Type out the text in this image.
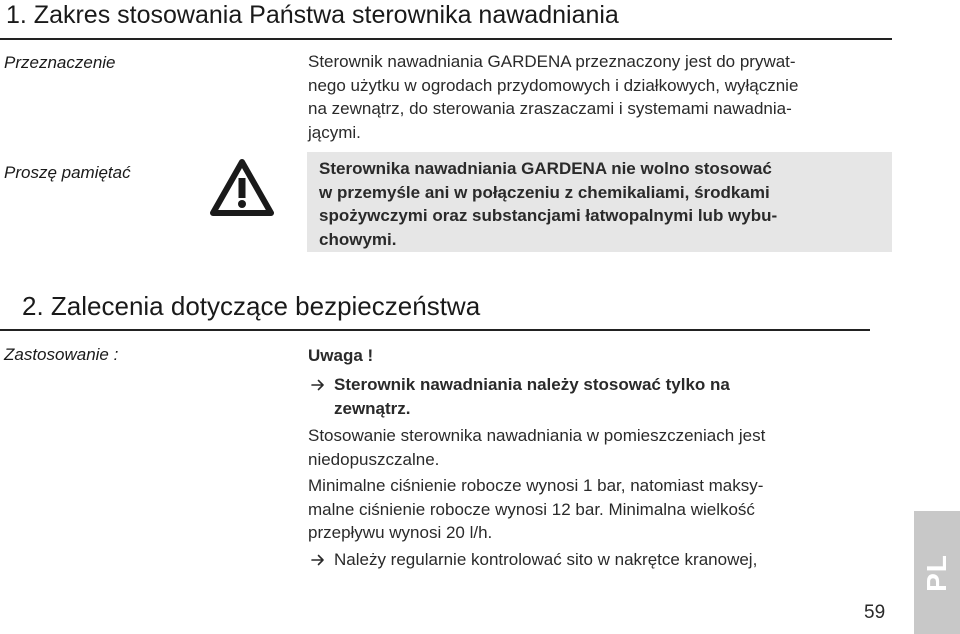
1. Zakres stosowania Państwa sterownika nawadniania
Przeznaczenie	Sterownik nawadniania GARDENA przeznaczony jest do prywat-
nego użytku w ogrodach przydomowych i działkowych, wyłącznie
na zewnątrz, do sterowania zraszaczami i systemami nawadnia-
jącymi.
Proszę pamiętać	Sterownika nawadniania GARDENA nie wolno stosować
w przemyśle ani w połączeniu z chemikaliami, środkami
spożywczymi oraz substancjami łatwopalnymi lub wybu-
chowymi.
2. Zalecenia dotyczące bezpieczeństwa
Zastosowanie :	Uwaga !
Sterownik nawadniania należy stosować tylko na
zewnątrz.
Stosowanie sterownika nawadniania w pomieszczeniach jest
niedopuszczalne.
Minimalne ciśnienie robocze wynosi 1 bar, natomiast maksy-
malne ciśnienie robocze wynosi 12 bar. Minimalna wielkość
przepływu wynosi 20 l/h.
Należy regularnie kontrolować sito w nakrętce kranowej,
59
PL
